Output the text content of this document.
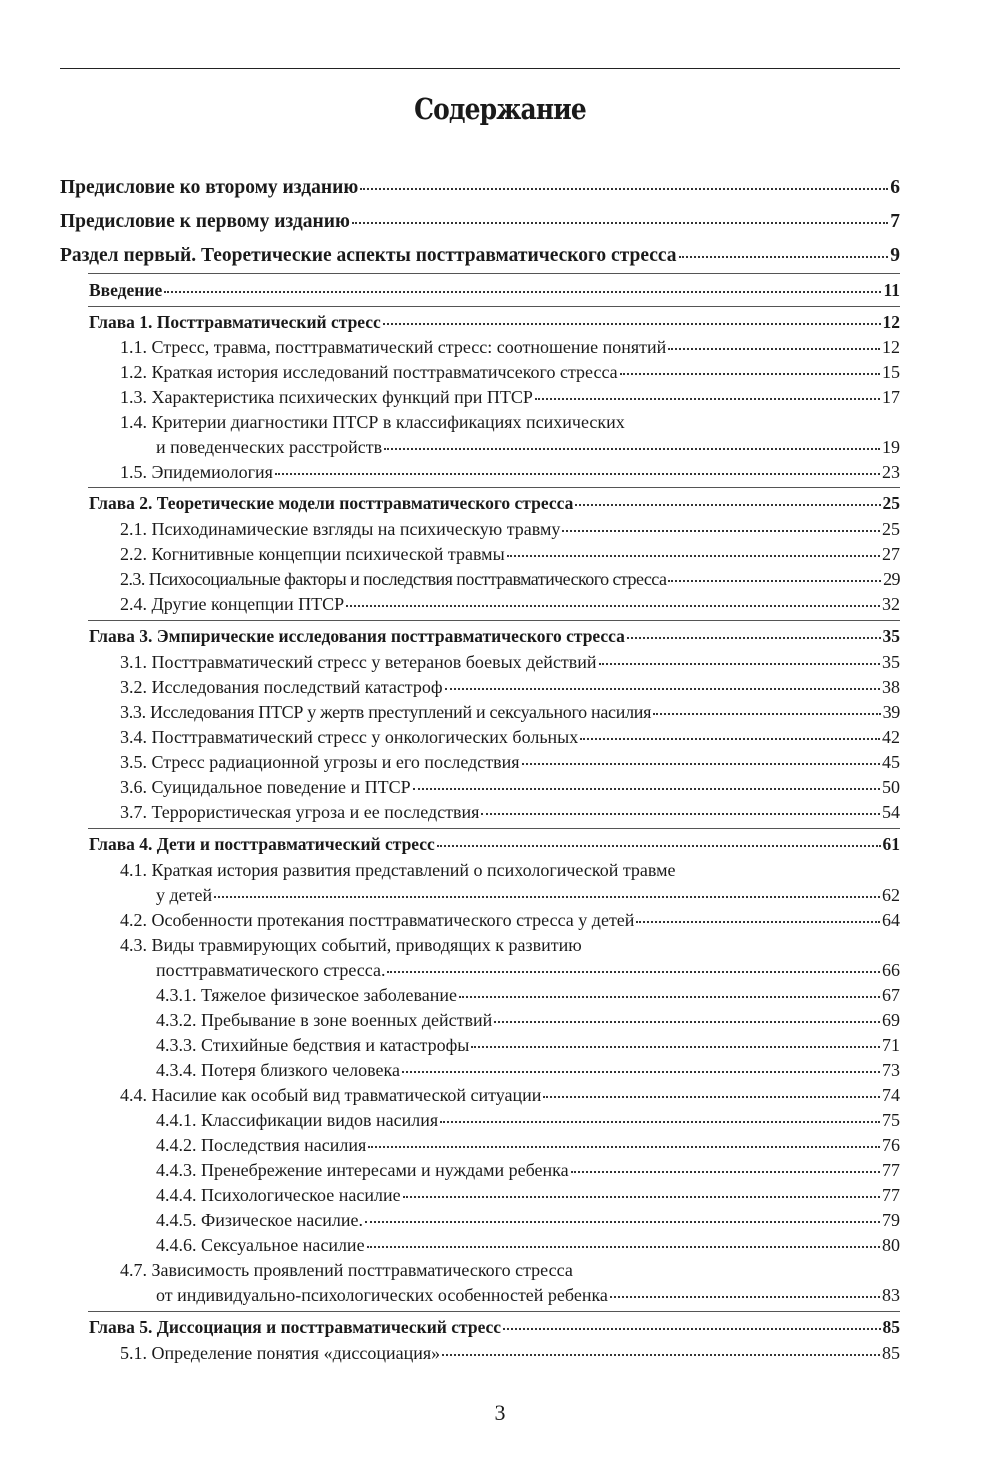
Содержание
Предисловие ко второму изданию	6
Предисловие к первому изданию	7
Раздел первый. Теоретические аспекты посттравматического стресса	9
Введение	11
Глава 1. Посттравматический стресс	12
1.1. Стресс, травма, посттравматический стресс: соотношение понятий	12
1.2. Краткая история исследований посттравматичсекого стресса	15
1.3. Характеристика психических функций при ПТСР	17
1.4. Критерии диагностики ПТСР в классификациях психических
и поведенческих расстройств	19
1.5. Эпидемиология	23
Глава 2. Теоретические модели посттравматического стресса	25
2.1. Психодинамические взгляды на психическую травму	25
2.2. Когнитивные концепции психической травмы	27
2.3. Психосоциальные факторы и последствия посттравматического стресса	29
2.4. Другие концепции ПТСР	32
Глава 3. Эмпирические исследования посттравматического стресса	35
3.1. Посттравматический стресс у ветеранов боевых действий	35
3.2. Исследования последствий катастроф	38
3.3. Исследования ПТСР у жертв преступлений и сексуального насилия	39
3.4. Посттравматический стресс у онкологических больных	42
3.5. Стресс радиационной угрозы и его последствия	45
3.6. Суицидальное поведение и ПТСР	50
3.7. Террористическая угроза и ее последствия	54
Глава 4. Дети и посттравматический стресс	61
4.1. Краткая история развития представлений о психологической травме
у детей	62
4.2. Особенности протекания посттравматического стресса у детей	64
4.3. Виды травмирующих событий, приводящих к развитию
посттравматического стресса.	66
4.3.1. Тяжелое физическое заболевание	67
4.3.2. Пребывание в зоне военных действий	69
4.3.3. Стихийные бедствия и катастрофы	71
4.3.4. Потеря близкого человека	73
4.4. Насилие как особый вид травматической ситуации	74
4.4.1. Классификации видов насилия	75
4.4.2. Последствия насилия	76
4.4.3. Пренебрежение интересами и нуждами ребенка	77
4.4.4. Психологическое насилие	77
4.4.5. Физическое насилие.	79
4.4.6. Сексуальное насилие	80
4.7. Зависимость проявлений посттравматического стресса
от индивидуально-психологических особенностей ребенка	83
Глава 5. Диссоциация и посттравматический стресс	85
5.1. Определение понятия «диссоциация»	85
3
